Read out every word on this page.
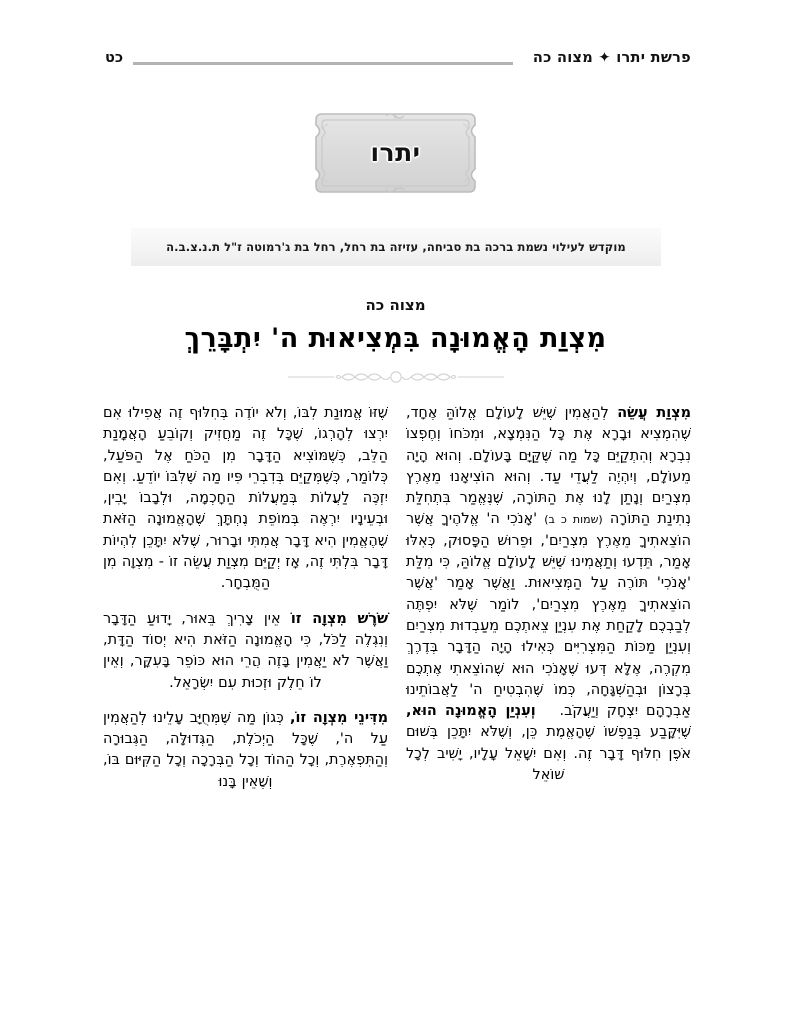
פרשת יתרו ✦ מצוה כה
כט
יתרו
מוקדש לעילוי נשמת ברכה בת סביחה, עזיזה בת רחל, רחל בת ג'רמוטה ז"ל ת.נ.צ.ב.ה
מצוה כה
מִצְוַת הָאֱמוּנָה בִּמְצִיאוּת ה' יִתְבָּרֵךְ

מִצְוַת עֲשֵׂה לְהַאֲמִין שֶׁיֵּשׁ לָעוֹלָם אֱלוֹהַּ אֶחָד, שֶׁהִמְצִיא וּבָרָא אֶת כָּל הַנִּמְצָא, וּמִכֹּחוֹ וְחֶפְצוֹ נִבְרָא וְהִתְקַיֵּם כָּל מַה שֶּׁקַּיָּם בָּעוֹלָם. וְהוּא הָיָה מֵעוֹלָם, וְיִהְיֶה לַעֲדֵי עַד. וְהוּא הוֹצִיאָנוּ מֵאֶרֶץ מִצְרַיִם וְנָתַן לָנוּ אֶת הַתּוֹרָה, שֶׁנֶּאֱמַר בִּתְחִלַּת נְתִינַת הַתּוֹרָה (שמות כ ב) 'אָנֹכִי ה' אֱלֹהֶיךָ אֲשֶׁר הוֹצֵאתִיךָ מֵאֶרֶץ מִצְרַיִם', וּפֵרוּשׁ הַפָּסוּק, כְּאִלּוּ אָמַר, תֵּדְעוּ וְתַאֲמִינוּ שֶׁיֵּשׁ לָעוֹלָם אֱלוֹהַּ, כִּי מִלַּת 'אָנֹכִי' תּוֹרֶה עַל הַמְּצִיאוּת. וַאֲשֶׁר אָמַר 'אֲשֶׁר הוֹצֵאתִיךָ מֵאֶרֶץ מִצְרַיִם', לוֹמַר שֶׁלֹּא יִפְתֶּה לְבַבְכֶם לָקַחַת אֶת עִנְיַן צֵאתְכֶם מֵעַבְדוּת מִצְרַיִם וְעִנְיַן מַכּוֹת הַמִּצְרִיִּים כְּאִילוּ הָיָה הַדָּבָר בְּדֶרֶךְ מִקְרֶה, אֶלָּא דְּעוּ שֶׁאָנֹכִי הוּא שֶׁהוֹצֵאתִי אֶתְכֶם בְּרָצוֹן וּבְהַשְׁגָּחָה, כְּמוֹ שֶׁהִבְטִיחַ ה' לַאֲבוֹתֵינוּ אַבְרָהָם יִצְחָק וְיַעֲקֹב. וְעִנְיַן הָאֱמוּנָה הוּא, שֶׁיִּקָּבַע בְּנַפְשׁוֹ שֶׁהָאֱמֶת כֵּן, וְשֶׁלֹּא יִתָּכֵן בְּשׁוּם אֹפֶן חִלּוּף דָּבָר זֶה. וְאִם יִשָּׁאֵל עָלָיו, יָשִׁיב לְכָל שׁוֹאֵל

שֶׁזּוֹ אֱמוּנַת לִבּוֹ, וְלֹא יוֹדֶה בְּחִלּוּף זֶה אֲפִילוּ אִם יִרְצוּ לְהָרְגוֹ, שֶׁכָּל זֶה מַחֲזִיק וְקוֹבֵעַ הָאֲמָנַת הַלֵּב, כְּשֶׁמּוֹצִיא הַדָּבָר מִן הַכֹּחַ אֶל הַפֹּעַל, כְּלוֹמַר, כְּשֶׁמְּקַיֵּם בְּדִבְרֵי פִּיו מַה שֶּׁלִּבּוֹ יוֹדֵעַ. וְאִם יִזְכֶּה לַעֲלוֹת בְּמַעֲלוֹת הַחָכְמָה, וּלְבָבוֹ יָבִין, וּבְעֵינָיו יִרְאֶה בְּמוֹפֵת נֶחְתָּךְ שֶׁהָאֱמוּנָה הַזֹּאת שֶׁהֶאֱמִין הִיא דָּבָר אֲמִתִּי וּבָרוּר, שֶׁלֹּא יִתָּכֵן לִהְיוֹת דָּבָר בִּלְתִּי זֶה, אָז יְקַיֵּם מִצְוַת עֲשֵׂה זוֹ - מִצְוָה מִן הַמֻּבְחָר.

שֹׁרֶשׁ מִצְוָה זוֹ אֵין צָרִיךְ בֵּאוּר, יָדוּעַ הַדָּבָר וְנִגְלֶה לַכֹּל, כִּי הָאֱמוּנָה הַזֹּאת הִיא יְסוֹד הַדָּת, וַאֲשֶׁר לֹא יַאֲמִין בָּזֶה הֲרֵי הוּא כּוֹפֵר בָּעִקָּר, וְאֵין לוֹ חֵלֶק וּזְכוּת עִם יִשְׂרָאֵל.

מִדִּינֵי מִצְוָה זוֹ, כְּגוֹן מַה שֶּׁמְּחֻיָּב עָלֵינוּ לְהַאֲמִין עַל ה', שֶׁכָּל הַיְכֹלֶת, הַגְּדוּלָּה, הַגְּבוּרָה וְהַתִּפְאֶרֶת, וְכָל הַהוֹד וְכָל הַבְּרָכָה וְכָל הַקִּיּוּם בּוֹ, וְשֶׁאֵין בָּנוּ
